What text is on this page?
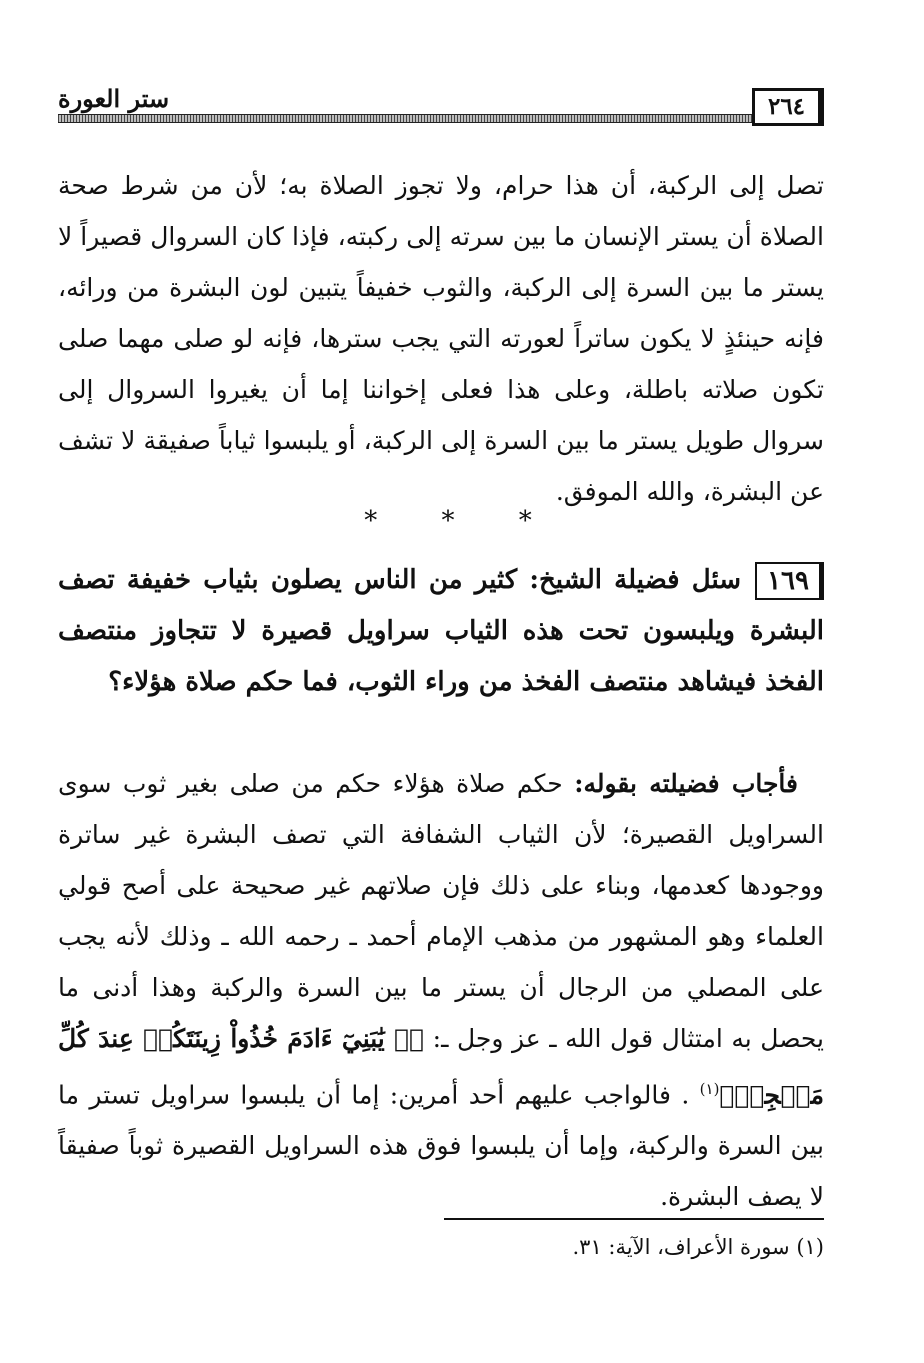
ستر العورة	٢٦٤

تصل إلى الركبة، أن هذا حرام، ولا تجوز الصلاة به؛ لأن من شرط صحة الصلاة أن يستر الإنسان ما بين سرته إلى ركبته، فإذا كان السروال قصيراً لا يستر ما بين السرة إلى الركبة، والثوب خفيفاً يتبين لون البشرة من ورائه، فإنه حينئذٍ لا يكون ساتراً لعورته التي يجب سترها، فإنه لو صلى مهما صلى تكون صلاته باطلة، وعلى هذا فعلى إخواننا إما أن يغيروا السروال إلى سروال طويل يستر ما بين السرة إلى الركبة، أو يلبسوا ثياباً صفيقة لا تشف عن البشرة، والله الموفق.

* * *

١٦٩سئل فضيلة الشيخ: كثير من الناس يصلون بثياب خفيفة تصف البشرة ويلبسون تحت هذه الثياب سراويل قصيرة لا تتجاوز منتصف الفخذ فيشاهد منتصف الفخذ من وراء الثوب، فما حكم صلاة هؤلاء؟

فأجاب فضيلته بقوله: حكم صلاة هؤلاء حكم من صلى بغير ثوب سوى السراويل القصيرة؛ لأن الثياب الشفافة التي تصف البشرة غير ساترة ووجودها كعدمها، وبناء على ذلك فإن صلاتهم غير صحيحة على أصح قولي العلماء وهو المشهور من مذهب الإمام أحمد ـ رحمه الله ـ وذلك لأنه يجب على المصلي من الرجال أن يستر ما بين السرة والركبة وهذا أدنى ما يحصل به امتثال قول الله ـ عز وجل ـ: ﴿۞ يَٰبَنِيٓ ءَادَمَ خُذُواْ زِينَتَكُمۡ عِندَ كُلِّ مَسۡجِدٖ﴾$^{(١)}$ . فالواجب عليهم أحد أمرين: إما أن يلبسوا سراويل تستر ما بين السرة والركبة، وإما أن يلبسوا فوق هذه السراويل القصيرة ثوباً صفيقاً لا يصف البشرة.

(١) سورة الأعراف، الآية: ٣١.
